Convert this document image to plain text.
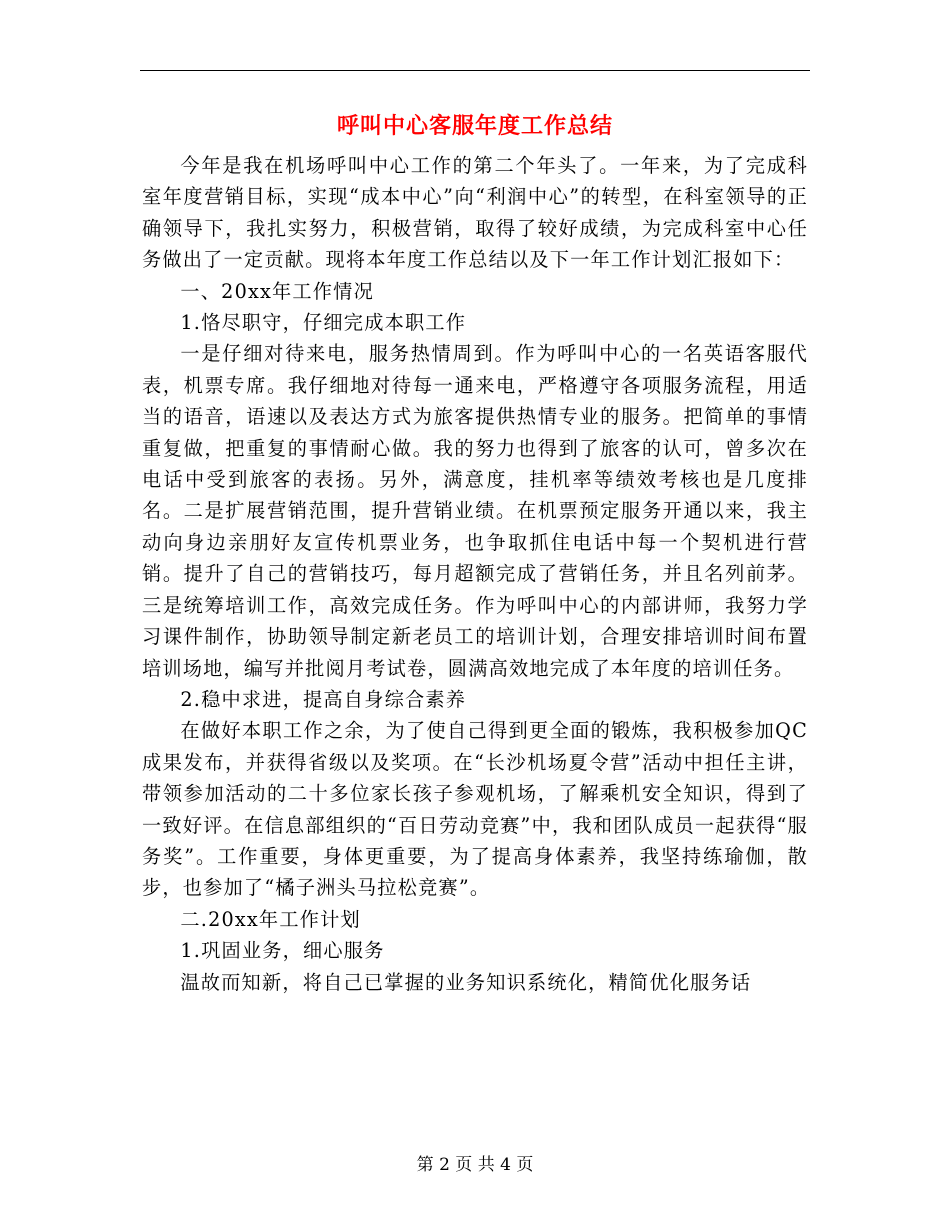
呼叫中心客服年度工作总结

今年是我在机场呼叫中心工作的第二个年头了。一年来，为了完成科室年度营销目标，实现“成本中心”向“利润中心”的转型，在科室领导的正确领导下，我扎实努力，积极营销，取得了较好成绩，为完成科室中心任务做出了一定贡献。现将本年度工作总结以及下一年工作计划汇报如下：

一、20xx年工作情况

1.恪尽职守，仔细完成本职工作

一是仔细对待来电，服务热情周到。作为呼叫中心的一名英语客服代表，机票专席。我仔细地对待每一通来电，严格遵守各项服务流程，用适当的语音，语速以及表达方式为旅客提供热情专业的服务。把简单的事情重复做，把重复的事情耐心做。我的努力也得到了旅客的认可，曾多次在电话中受到旅客的表扬。另外，满意度，挂机率等绩效考核也是几度排名。二是扩展营销范围，提升营销业绩。在机票预定服务开通以来，我主动向身边亲朋好友宣传机票业务，也争取抓住电话中每一个契机进行营销。提升了自己的营销技巧，每月超额完成了营销任务，并且名列前茅。三是统筹培训工作，高效完成任务。作为呼叫中心的内部讲师，我努力学习课件制作，协助领导制定新老员工的培训计划，合理安排培训时间布置培训场地，编写并批阅月考试卷，圆满高效地完成了本年度的培训任务。

2.稳中求进，提高自身综合素养

在做好本职工作之余，为了使自己得到更全面的锻炼，我积极参加QC成果发布，并获得省级以及奖项。在“长沙机场夏令营”活动中担任主讲，带领参加活动的二十多位家长孩子参观机场，了解乘机安全知识，得到了一致好评。在信息部组织的“百日劳动竞赛”中，我和团队成员一起获得“服务奖”。工作重要，身体更重要，为了提高身体素养，我坚持练瑜伽，散步，也参加了“橘子洲头马拉松竞赛”。

二.20xx年工作计划

1.巩固业务，细心服务

温故而知新，将自己已掌握的业务知识系统化，精简优化服务话

第 2 页 共 4 页
